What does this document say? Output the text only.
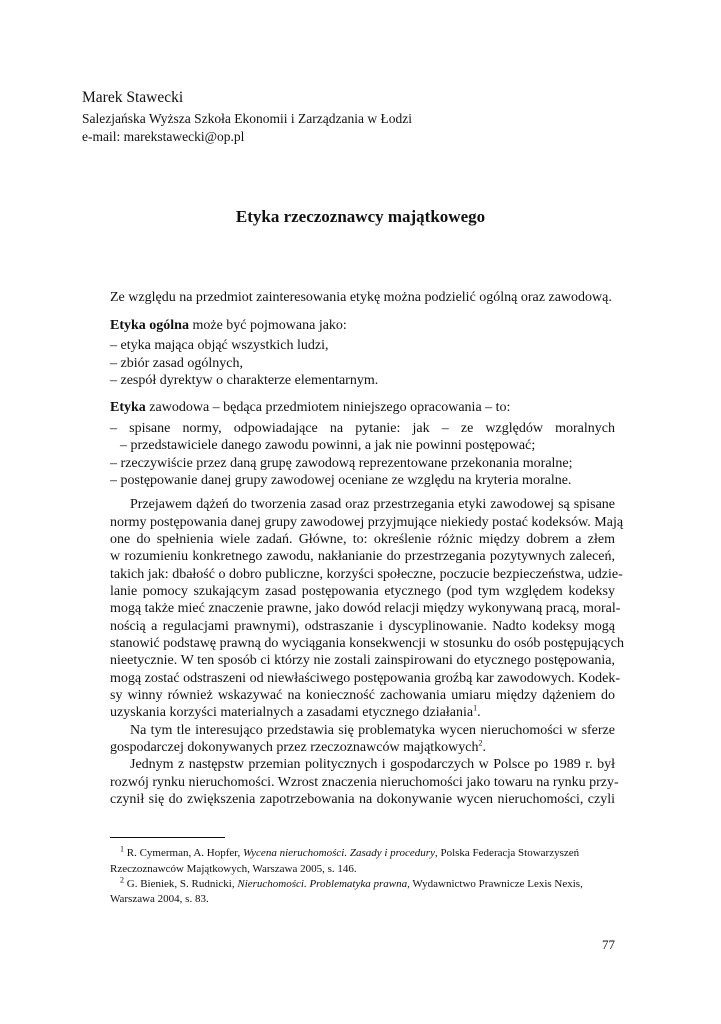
Marek Stawecki
Salezjańska Wyższa Szkoła Ekonomii i Zarządzania w Łodzi
e-mail: marekstawecki@op.pl
Etyka rzeczoznawcy majątkowego
Ze względu na przedmiot zainteresowania etykę można podzielić ogólną oraz zawodową.
Etyka ogólna może być pojmowana jako:
– etyka mająca objąć wszystkich ludzi,
– zbiór zasad ogólnych,
– zespół dyrektyw o charakterze elementarnym.
Etyka zawodowa – będąca przedmiotem niniejszego opracowania – to:
– spisane normy, odpowiadające na pytanie: jak – ze względów moralnych
– przedstawiciele danego zawodu powinni, a jak nie powinni postępować;
– rzeczywiście przez daną grupę zawodową reprezentowane przekonania moralne;
– postępowanie danej grupy zawodowej oceniane ze względu na kryteria moralne.
Przejawem dążeń do tworzenia zasad oraz przestrzegania etyki zawodowej są spisane
normy postępowania danej grupy zawodowej przyjmujące niekiedy postać kodeksów. Mają
one do spełnienia wiele zadań. Główne, to: określenie różnic między dobrem a złem
w rozumieniu konkretnego zawodu, nakłanianie do przestrzegania pozytywnych zaleceń,
takich jak: dbałość o dobro publiczne, korzyści społeczne, poczucie bezpieczeństwa, udzie-
lanie pomocy szukającym zasad postępowania etycznego (pod tym względem kodeksy
mogą także mieć znaczenie prawne, jako dowód relacji między wykonywaną pracą, moral-
nością a regulacjami prawnymi), odstraszanie i dyscyplinowanie. Nadto kodeksy mogą
stanowić podstawę prawną do wyciągania konsekwencji w stosunku do osób postępujących
nieetycznie. W ten sposób ci którzy nie zostali zainspirowani do etycznego postępowania,
mogą zostać odstraszeni od niewłaściwego postępowania groźbą kar zawodowych. Kodek-
sy winny również wskazywać na konieczność zachowania umiaru między dążeniem do
uzyskania korzyści materialnych a zasadami etycznego działania$^1$.
Na tym tle interesująco przedstawia się problematyka wycen nieruchomości w sferze
gospodarczej dokonywanych przez rzeczoznawców majątkowych$^2$.
Jednym z następstw przemian politycznych i gospodarczych w Polsce po 1989 r. był
rozwój rynku nieruchomości. Wzrost znaczenia nieruchomości jako towaru na rynku przy-
czynił się do zwiększenia zapotrzebowania na dokonywanie wycen nieruchomości, czyli
$^1$ R. Cymerman, A. Hopfer, Wycena nieruchomości. Zasady i procedury, Polska Federacja Stowarzyszeń
Rzeczoznawców Majątkowych, Warszawa 2005, s. 146.
$^2$ G. Bieniek, S. Rudnicki, Nieruchomości. Problematyka prawna, Wydawnictwo Prawnicze Lexis Nexis,
Warszawa 2004, s. 83.
77
